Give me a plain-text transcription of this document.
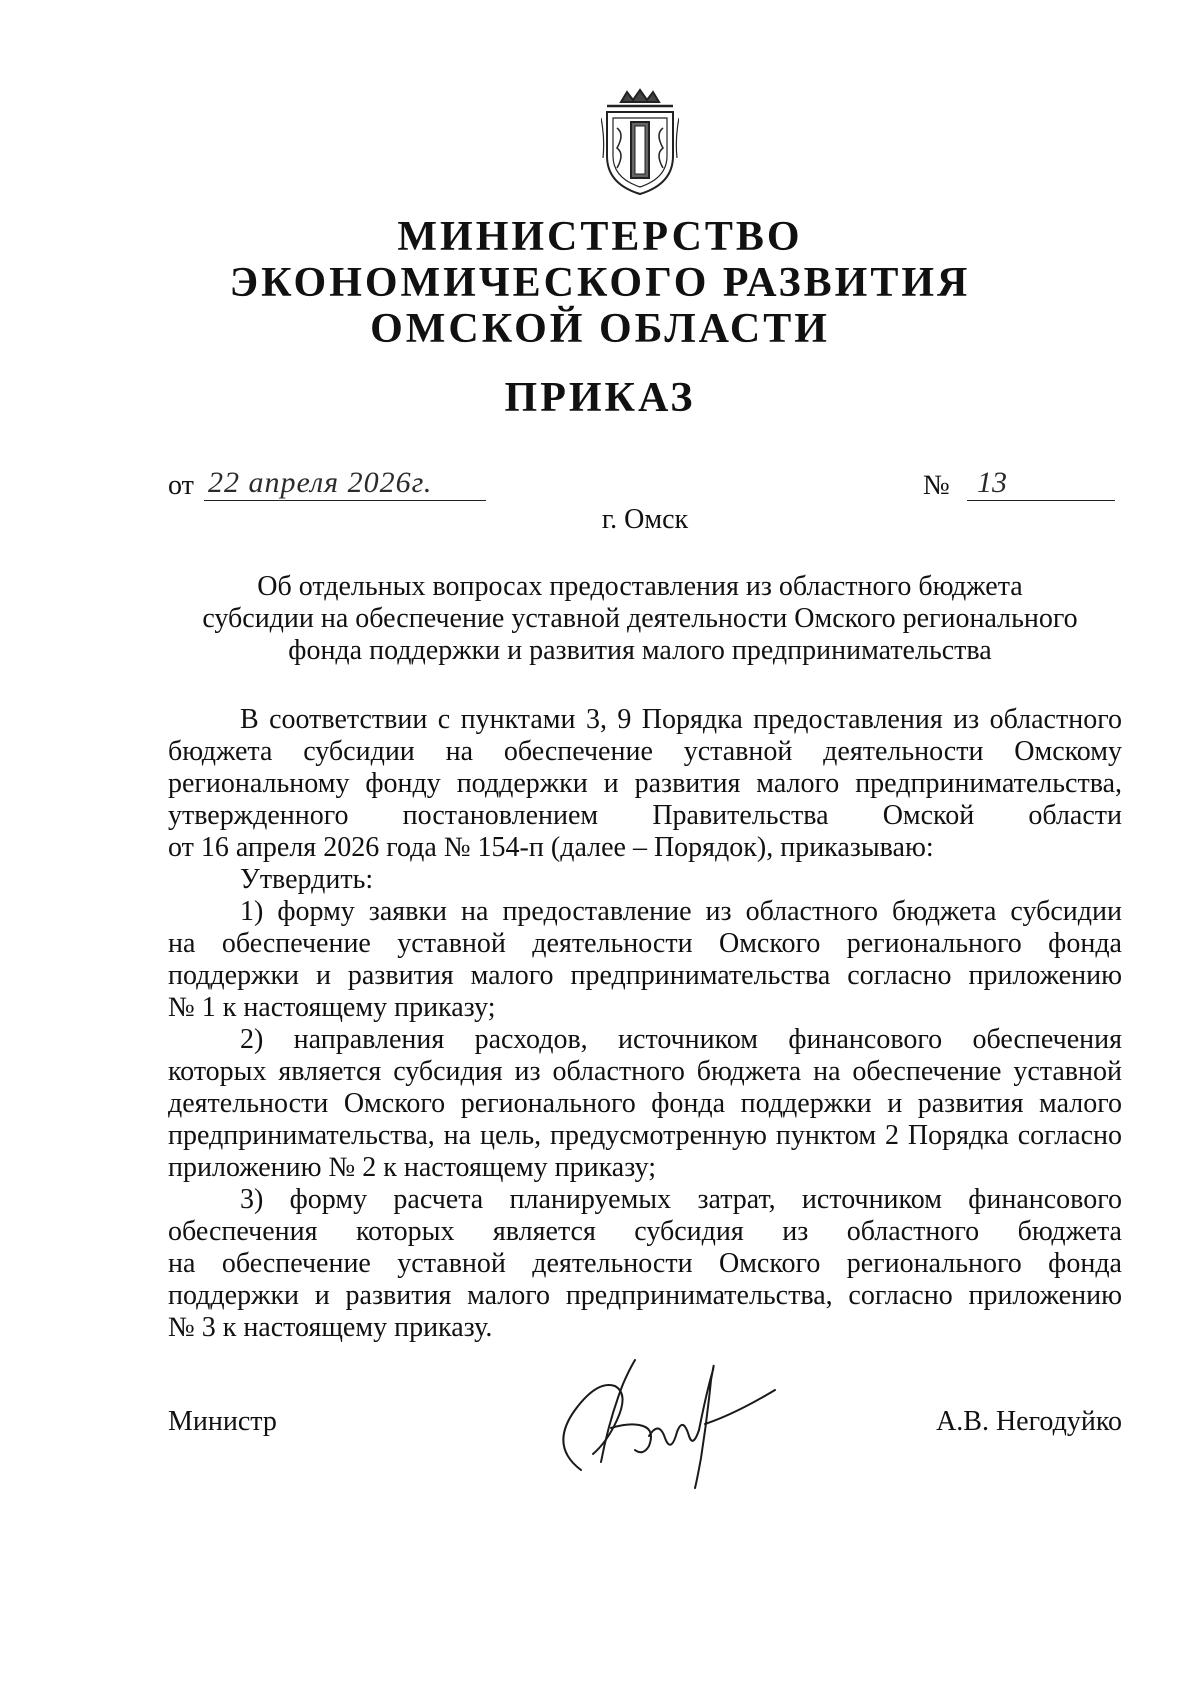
МИНИСТЕРСТВО
ЭКОНОМИЧЕСКОГО РАЗВИТИЯ
ОМСКОЙ ОБЛАСТИ
ПРИКАЗ
от 22 апреля 2026г.	№ 13
г. Омск
Об отдельных вопросах предоставления из областного бюджета
субсидии на обеспечение уставной деятельности Омского регионального
фонда поддержки и развития малого предпринимательства
В соответствии с пунктами 3, 9 Порядка предоставления из областного
бюджета субсидии на обеспечение уставной деятельности Омскому
региональному фонду поддержки и развития малого предпринимательства,
утвержденного постановлением Правительства Омской области
от 16 апреля 2026 года № 154-п (далее – Порядок), приказываю:
Утвердить:
1) форму заявки на предоставление из областного бюджета субсидии
на обеспечение уставной деятельности Омского регионального фонда
поддержки и развития малого предпринимательства согласно приложению
№ 1 к настоящему приказу;
2) направления расходов, источником финансового обеспечения
которых является субсидия из областного бюджета на обеспечение уставной
деятельности Омского регионального фонда поддержки и развития малого
предпринимательства, на цель, предусмотренную пунктом 2 Порядка согласно
приложению № 2 к настоящему приказу;
3) форму расчета планируемых затрат, источником финансового
обеспечения которых является субсидия из областного бюджета
на обеспечение уставной деятельности Омского регионального фонда
поддержки и развития малого предпринимательства, согласно приложению
№ 3 к настоящему приказу.
Министр	А.В. Негодуйко
